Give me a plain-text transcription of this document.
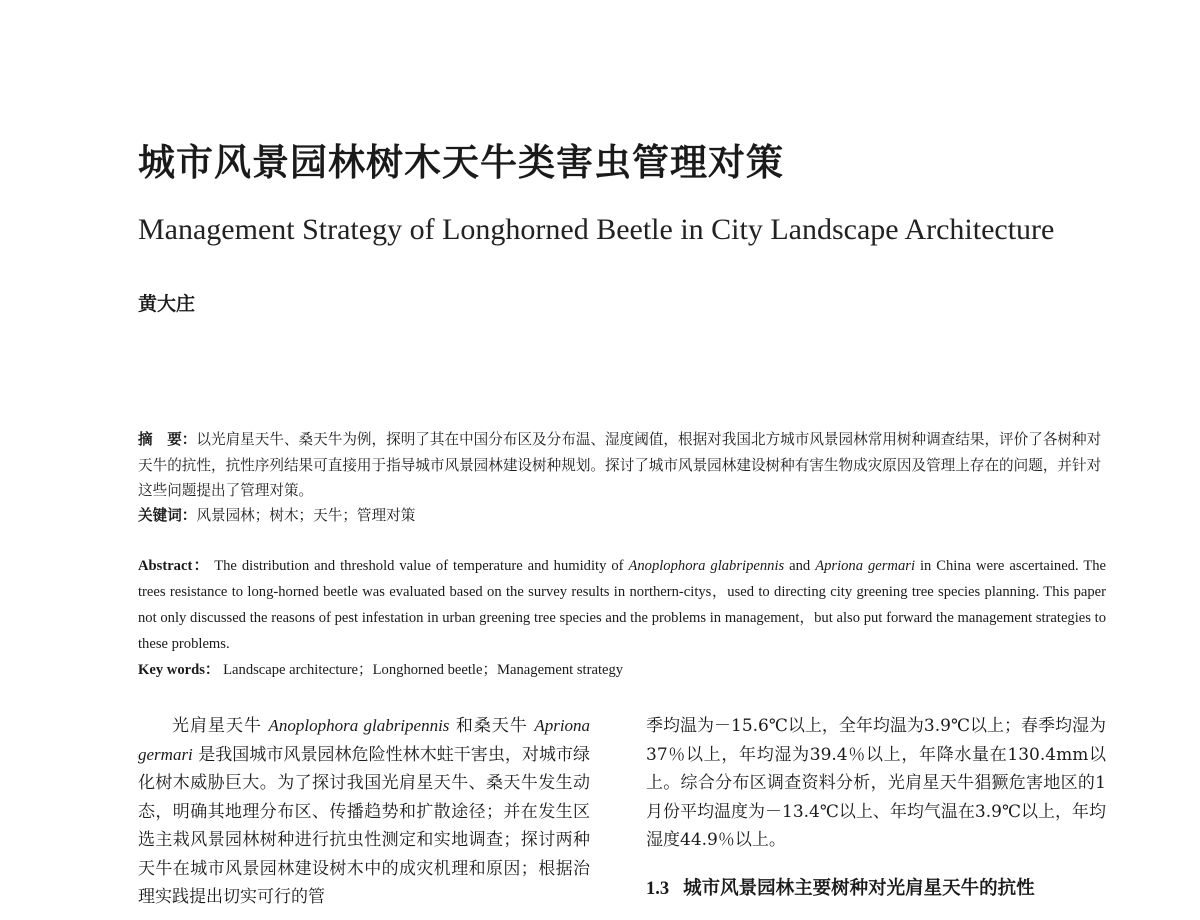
城市风景园林树木天牛类害虫管理对策
Management Strategy of Longhorned Beetle in City Landscape Architecture
黄大庄

摘　要：以光肩星天牛、桑天牛为例，探明了其在中国分布区及分布温、湿度阈值，根据对我国北方城市风景园林常用树种调查结果，评价了各树种对天牛的抗性，抗性序列结果可直接用于指导城市风景园林建设树种规划。探讨了城市风景园林建设树种有害生物成灾原因及管理上存在的问题，并针对这些问题提出了管理对策。

关键词：风景园林；树木；天牛；管理对策

Abstract： The distribution and threshold value of temperature and humidity of Anoplophora glabripennis and Apriona germari in China were ascertained. The trees resistance to long-horned beetle was evaluated based on the survey results in northern-citys，used to directing city greening tree species planning. This paper not only discussed the reasons of pest infestation in urban greening tree species and the problems in management，but also put forward the management strategies to these problems.

Key words： Landscape architecture；Longhorned beetle；Management strategy

光肩星天牛 Anoplophora glabripennis 和桑天牛 Apriona germari 是我国城市风景园林危险性林木蛀干害虫，对城市绿化树木威胁巨大。为了探讨我国光肩星天牛、桑天牛发生动态，明确其地理分布区、传播趋势和扩散途径；并在发生区选主栽风景园林树种进行抗虫性测定和实地调查；探讨两种天牛在城市风景园林建设树木中的成灾机理和原因；根据治理实践提出切实可行的管

季均温为－15.6℃以上，全年均温为3.9℃以上；春季均湿为37％以上，年均湿为39.4％以上，年降水量在130.4mm以上。综合分布区调查资料分析，光肩星天牛猖獗危害地区的1月份平均温度为－13.4℃以上、年均气温在3.9℃以上，年均湿度44.9％以上。

1.3 城市风景园林主要树种对光肩星天牛的抗性
